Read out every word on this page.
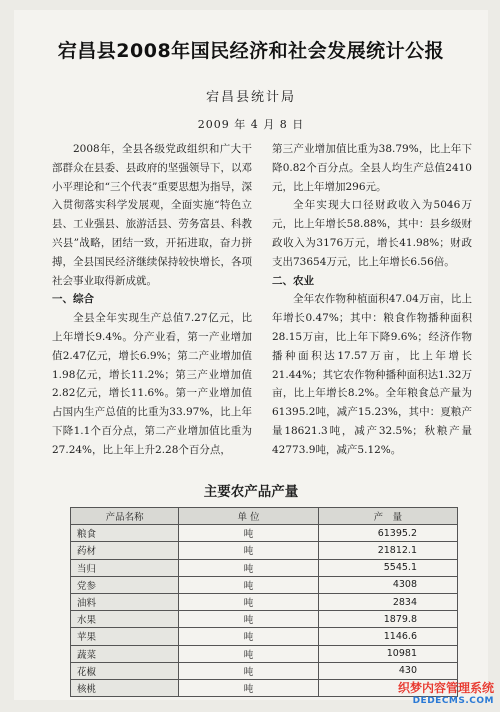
宕昌县2008年国民经济和社会发展统计公报
宕昌县统计局
2009 年 4 月 8 日

2008年，全县各级党政组织和广大干部群众在县委、县政府的坚强领导下，以邓小平理论和“三个代表”重要思想为指导，深入贯彻落实科学发展观，全面实施“特色立县、工业强县、旅游活县、劳务富县、科教兴县”战略，团结一致，开拓进取，奋力拼搏，全县国民经济继续保持较快增长，各项社会事业取得新成就。

一、综合

全县全年实现生产总值7.27亿元，比上年增长9.4%。分产业看，第一产业增加值2.47亿元，增长6.9%；第二产业增加值1.98亿元，增长11.2%；第三产业增加值2.82亿元，增长11.6%。第一产业增加值占国内生产总值的比重为33.97%，比上年下降1.1个百分点，第二产业增加值比重为27.24%，比上年上升2.28个百分点，

第三产业增加值比重为38.79%，比上年下降0.82个百分点。全县人均生产总值2410元，比上年增加296元。

全年实现大口径财政收入为5046万元，比上年增长58.88%，其中：县乡级财政收入为3176万元，增长41.98%；财政支出73654万元，比上年增长6.56倍。

二、农业

全年农作物种植面积47.04万亩，比上年增长0.47%；其中：粮食作物播种面积28.15万亩，比上年下降9.6%；经济作物播种面积达17.57万亩，比上年增长21.44%；其它农作物种播种面积达1.32万亩，比上年增长8.2%。全年粮食总产量为61395.2吨，减产15.23%，其中：夏粮产量18621.3吨，减产32.5%；秋粮产量42773.9吨，减产5.12%。

主要农产品产量
产品名称	单 位	产　量
粮食	吨	61395.2
药材	吨	21812.1
当归	吨	5545.1
党参	吨	4308
油料	吨	2834
水果	吨	1879.8
苹果	吨	1146.6
蔬菜	吨	10981
花椒	吨	430
核桃	吨		织梦内容管理系统
DEDECMS.COM
